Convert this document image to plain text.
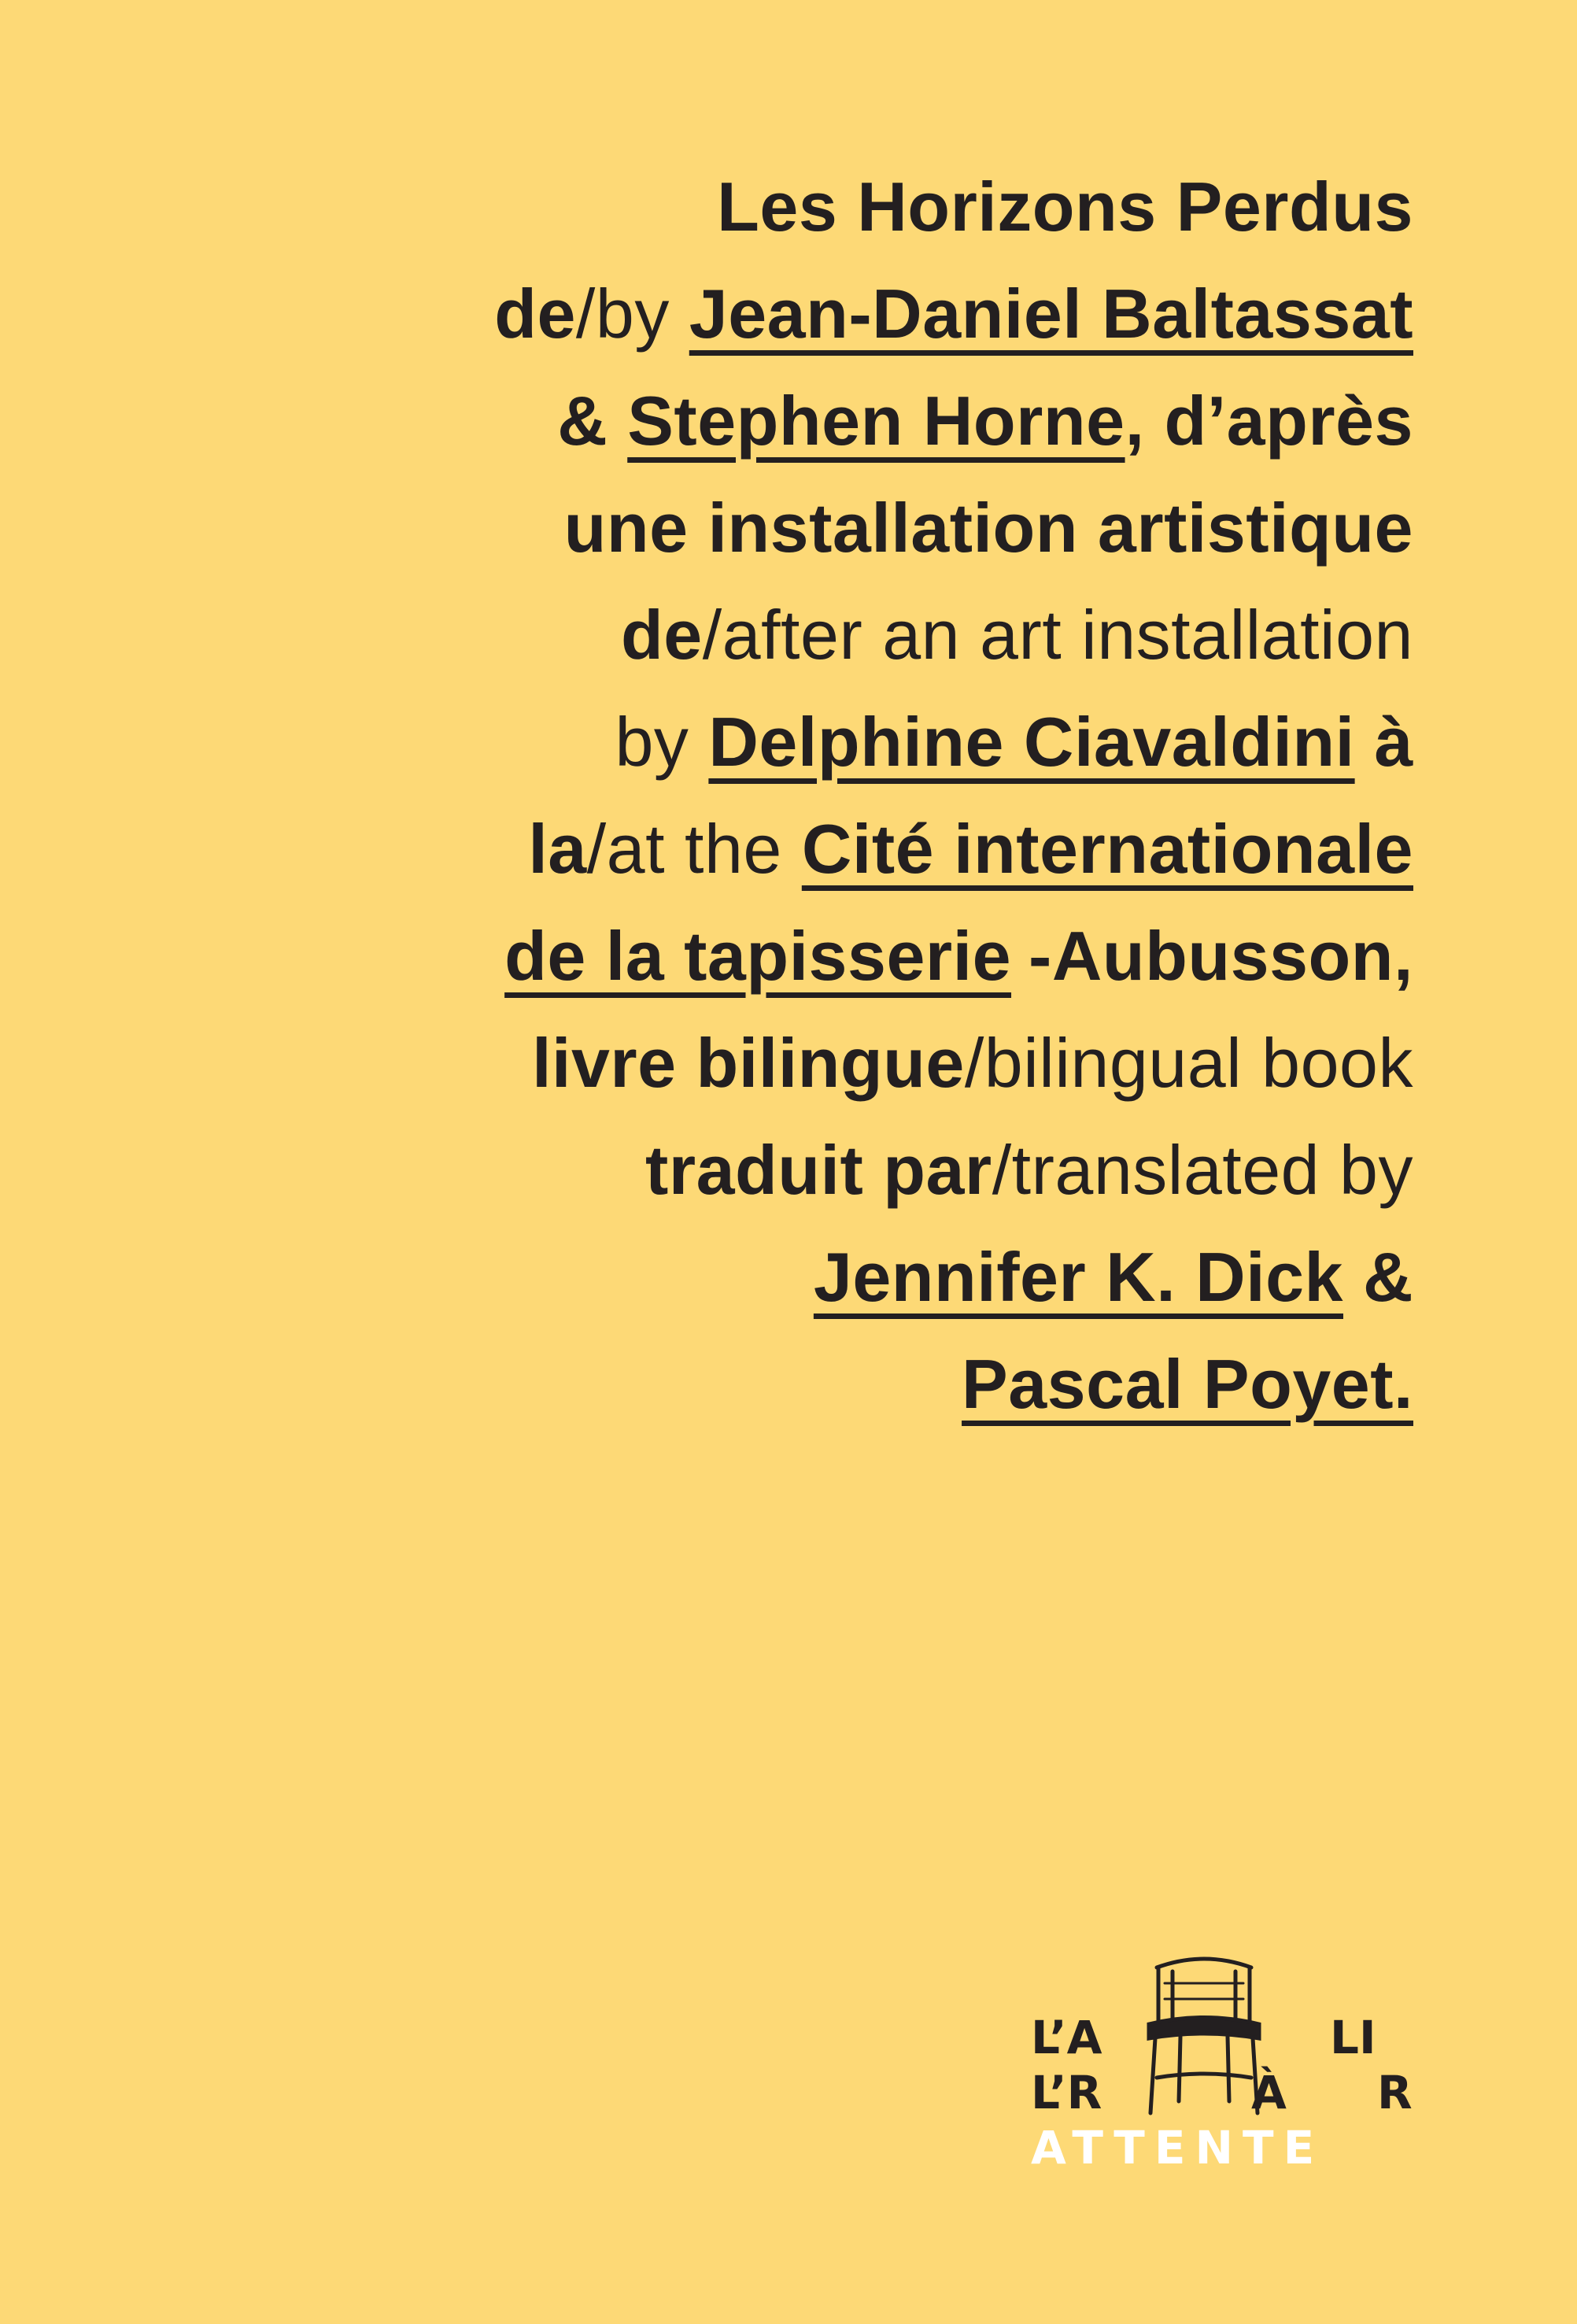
Les Horizons Perdus
de/by Jean-Daniel Baltassat
& Stephen Horne, d’après
une installation artistique
de/after an art installation
by Delphine Ciavaldini à
la/at the Cité internationale
de la tapisserie -Aubusson,
livre bilingue/bilingual book
traduit par/translated by
Jennifer K. Dick &
Pascal Poyet.
L’A	LI
L’R	À R
ATTENTE
